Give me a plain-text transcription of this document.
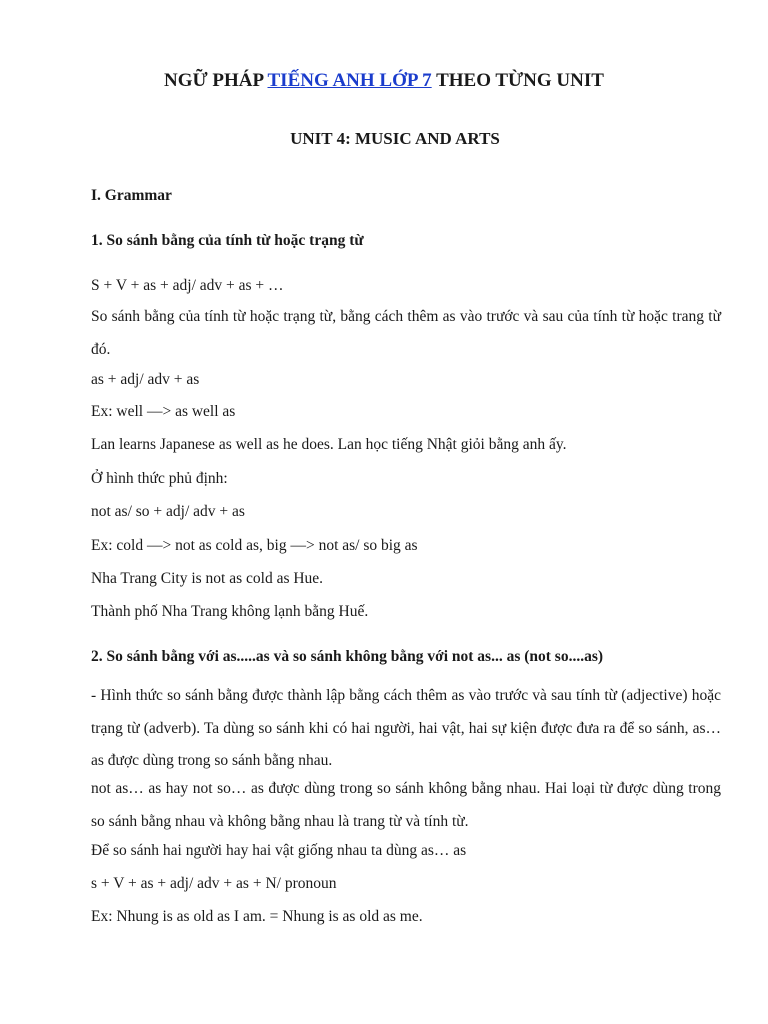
NGỮ PHÁP TIẾNG ANH LỚP 7 THEO TỪNG UNIT
UNIT 4: MUSIC AND ARTS

I. Grammar

1. So sánh bằng của tính từ hoặc trạng từ

S + V + as + adj/ adv + as + …

So sánh bằng của tính từ hoặc trạng từ, bằng cách thêm as vào trước và sau của tính từ hoặc trang từ đó.

as + adj/ adv + as

Ex: well —> as well as

Lan learns Japanese as well as he does. Lan học tiếng Nhật giỏi bằng anh ấy.

Ở hình thức phủ định:

not as/ so + adj/ adv + as

Ex: cold —> not as cold as, big —> not as/ so big as

Nha Trang City is not as cold as Hue.

Thành phố Nha Trang không lạnh bằng Huế.

2. So sánh bằng với as.....as và so sánh không bằng với not as... as (not so....as)

- Hình thức so sánh bằng được thành lập bằng cách thêm as vào trước và sau tính từ (adjective) hoặc trạng từ (adverb). Ta dùng so sánh khi có hai người, hai vật, hai sự kiện được đưa ra để so sánh, as… as được dùng trong so sánh bằng nhau.

not as… as hay not so… as được dùng trong so sánh không bằng nhau. Hai loại từ được dùng trong so sánh bằng nhau và không bằng nhau là trang từ và tính từ.

Để so sánh hai người hay hai vật giống nhau ta dùng as… as

s + V + as + adj/ adv + as + N/ pronoun

Ex: Nhung is as old as I am. = Nhung is as old as me.
